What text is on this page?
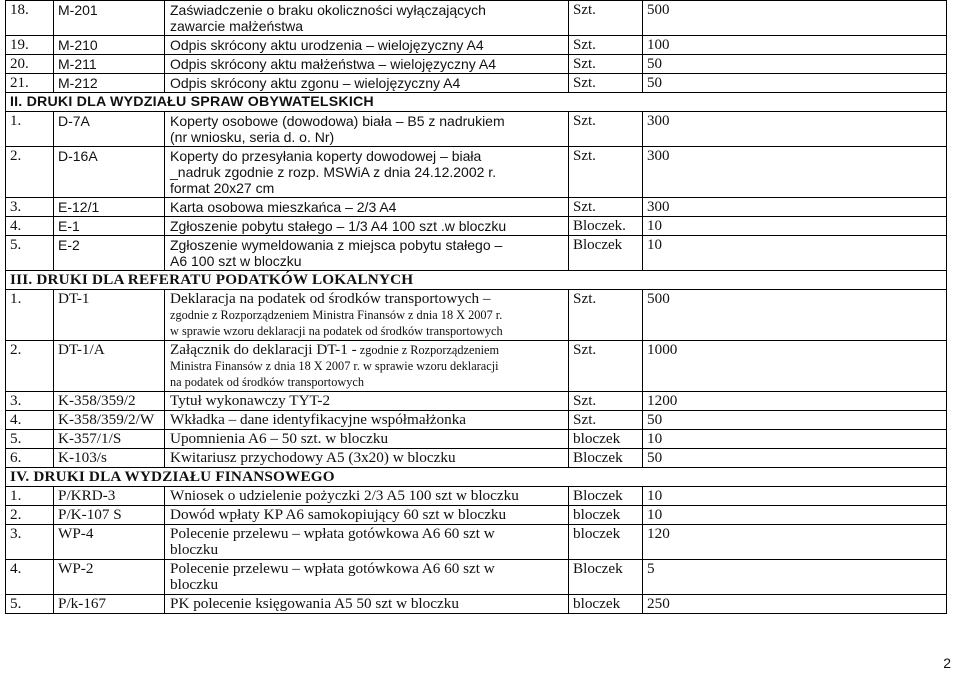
18.	M-201	Zaświadczenie o braku okoliczności wyłączających
zawarcie małżeństwa	Szt.	500
19.	M-210	Odpis skrócony aktu urodzenia – wielojęzyczny A4	Szt.	100
20.	M-211	Odpis skrócony aktu małżeństwa – wielojęzyczny A4	Szt.	50
21.	M-212	Odpis skrócony aktu zgonu – wielojęzyczny A4	Szt.	50
II. DRUKI DLA WYDZIAŁU SPRAW OBYWATELSKICH				
1.	D-7A	Koperty osobowe (dowodowa) biała – B5 z nadrukiem
(nr wniosku, seria d. o. Nr)	Szt.	300
2.	D-16A	Koperty do przesyłania koperty dowodowej – biała
_nadruk zgodnie z rozp. MSWiA z dnia 24.12.2002 r.
format 20x27 cm	Szt.	300
3.	E-12/1	Karta osobowa mieszkańca – 2/3 A4	Szt.	300
4.	E-1	Zgłoszenie pobytu stałego – 1/3 A4 100 szt .w bloczku	Bloczek.	10
5.	E-2	Zgłoszenie wymeldowania z miejsca pobytu stałego –
A6 100 szt w bloczku	Bloczek	10
III. DRUKI DLA REFERATU PODATKÓW LOKALNYCH				
1.	DT-1	Deklaracja na podatek od środków transportowych –
zgodnie z Rozporządzeniem Ministra Finansów z dnia 18 X 2007 r.
w sprawie wzoru deklaracji na podatek od środków transportowych	Szt.	500
2.	DT-1/A	Załącznik do deklaracji DT-1 - zgodnie z Rozporządzeniem
Ministra Finansów z dnia 18 X 2007 r. w sprawie wzoru deklaracji
na podatek od środków transportowych	Szt.	1000
3.	K-358/359/2	Tytuł wykonawczy TYT-2	Szt.	1200
4.	K-358/359/2/W	Wkładka – dane identyfikacyjne współmałżonka	Szt.	50
5.	K-357/1/S	Upomnienia A6 – 50 szt. w bloczku	bloczek	10
6.	K-103/s	Kwitariusz przychodowy A5 (3x20) w bloczku	Bloczek	50
IV. DRUKI DLA WYDZIAŁU FINANSOWEGO				
1.	P/KRD-3	Wniosek o udzielenie pożyczki 2/3 A5 100 szt w bloczku	Bloczek	10
2.	P/K-107 S	Dowód wpłaty KP A6 samokopiujący 60 szt w bloczku	bloczek	10
3.	WP-4	Polecenie przelewu – wpłata gotówkowa A6 60 szt w
bloczku	bloczek	120
4.	WP-2	Polecenie przelewu – wpłata gotówkowa A6 60 szt w
bloczku	Bloczek	5
5.	P/k-167	PK polecenie księgowania A5 50 szt w bloczku	bloczek	250
2
